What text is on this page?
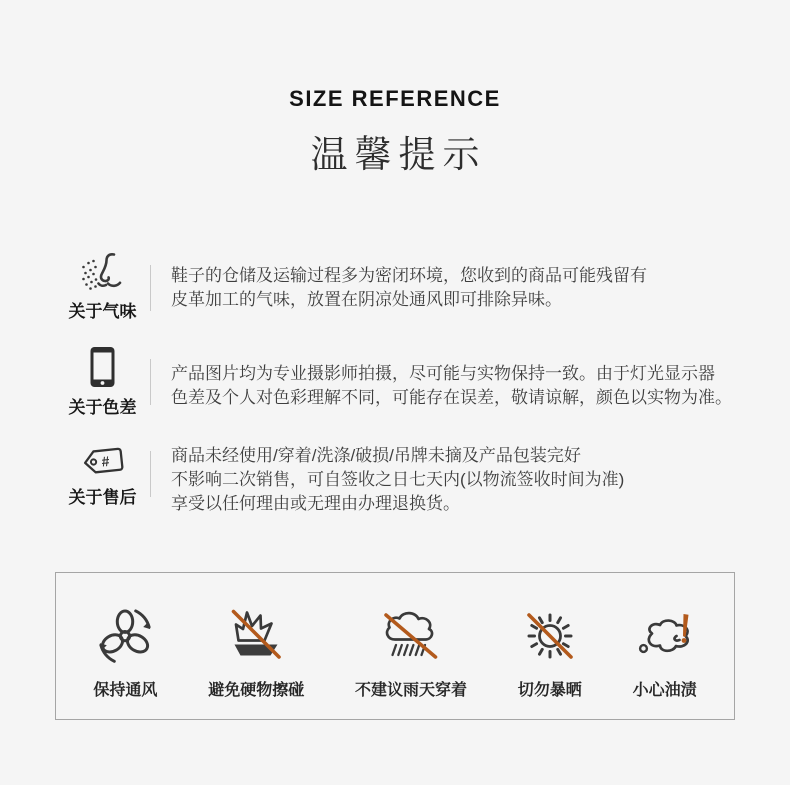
SIZE REFERENCE
温馨提示
关于气味
鞋子的仓储及运输过程多为密闭环境，您收到的商品可能残留有
皮革加工的气味，放置在阴凉处通风即可排除异味。
关于色差
产品图片均为专业摄影师拍摄，尽可能与实物保持一致。由于灯光显示器
色差及个人对色彩理解不同，可能存在误差，敬请谅解，颜色以实物为准。
#
关于售后
商品未经使用/穿着/洗涤/破损/吊牌未摘及产品包装完好
不影响二次销售，可自签收之日七天内(以物流签收时间为准)
享受以任何理由或无理由办理退换货。
保持通风	避免硬物擦碰	不建议雨天穿着	切勿暴晒	小心油渍
